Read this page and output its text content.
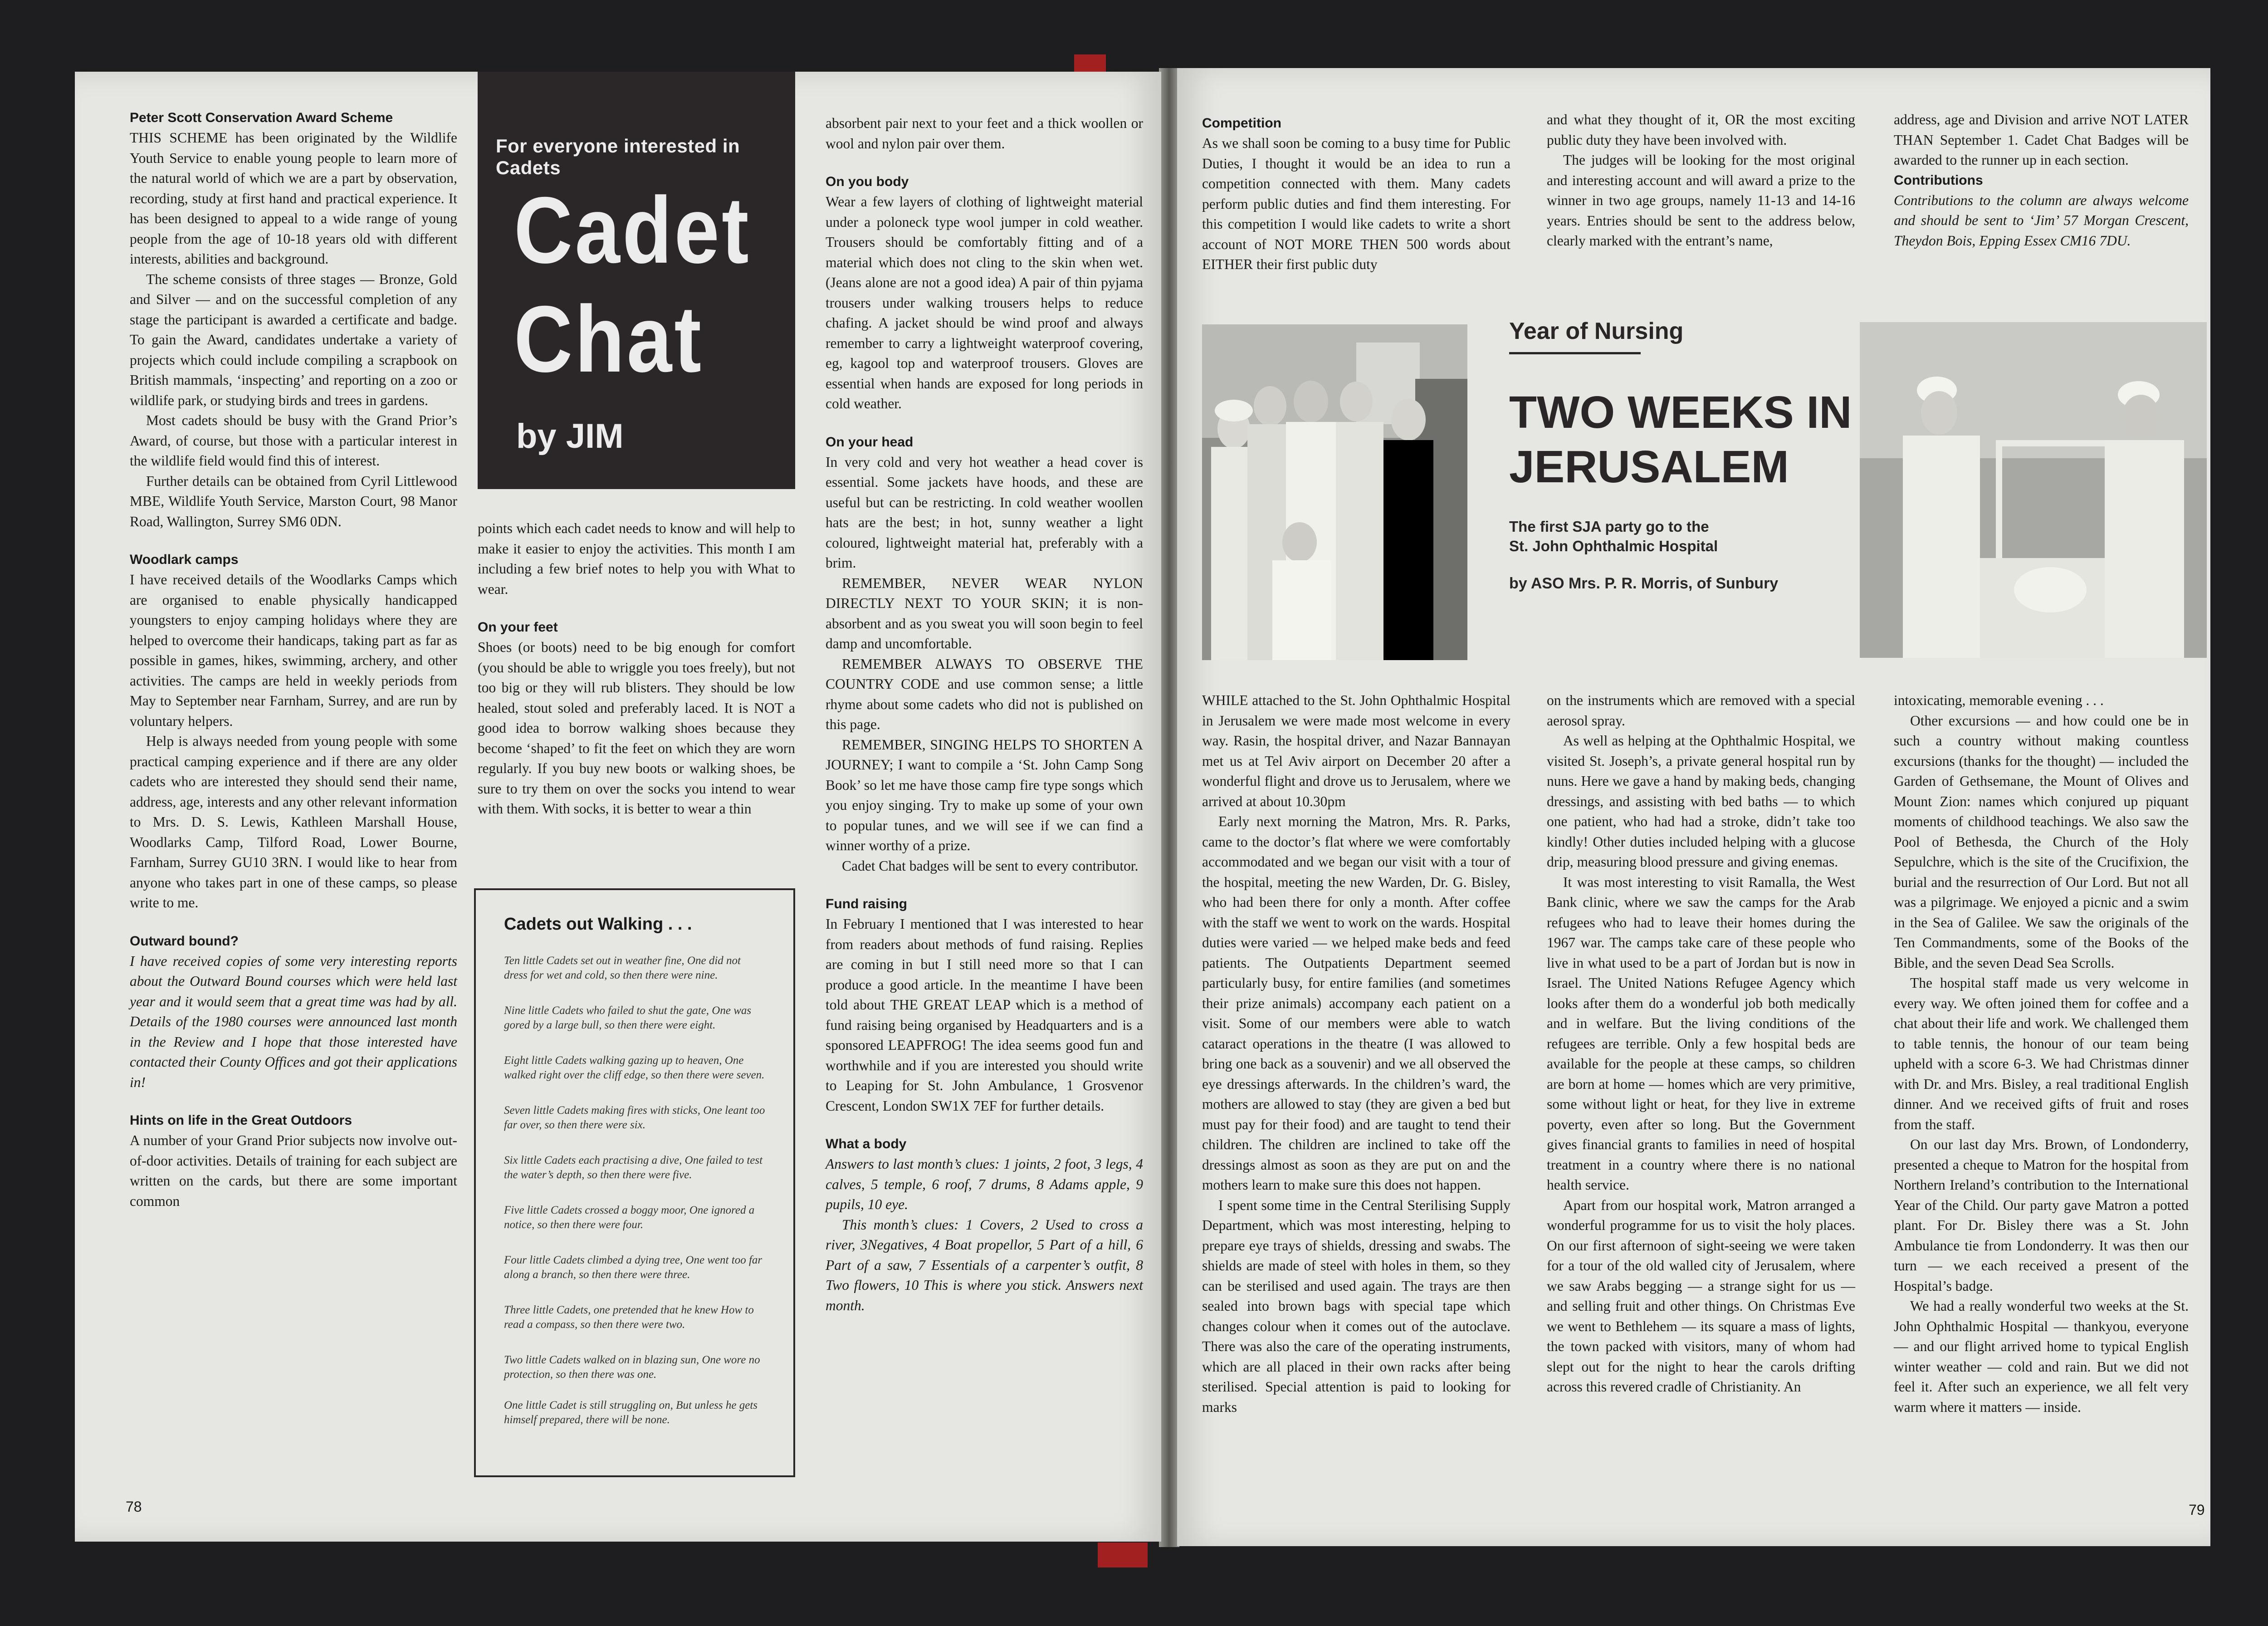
Peter Scott Conservation Award Scheme

THIS SCHEME has been originated by the Wildlife Youth Service to enable young people to learn more of the natural world of which we are a part by observation, recording, study at first hand and practical experience. It has been designed to appeal to a wide range of young people from the age of 10-18 years old with different interests, abilities and background.

The scheme consists of three stages — Bronze, Gold and Silver — and on the successful completion of any stage the participant is awarded a certificate and badge. To gain the Award, candidates undertake a variety of projects which could include compiling a scrapbook on British mammals, ‘inspecting’ and reporting on a zoo or wildlife park, or studying birds and trees in gardens.

Most cadets should be busy with the Grand Prior’s Award, of course, but those with a particular interest in the wildlife field would find this of interest.

Further details can be obtained from Cyril Littlewood MBE, Wildlife Youth Service, Marston Court, 98 Manor Road, Wallington, Surrey SM6 0DN.

Woodlark camps

I have received details of the Woodlarks Camps which are organised to enable physically handicapped youngsters to enjoy camping holidays where they are helped to overcome their handicaps, taking part as far as possible in games, hikes, swimming, archery, and other activities. The camps are held in weekly periods from May to September near Farnham, Surrey, and are run by voluntary helpers.

Help is always needed from young people with some practical camping experience and if there are any older cadets who are interested they should send their name, address, age, interests and any other relevant information to Mrs. D. S. Lewis, Kathleen Marshall House, Woodlarks Camp, Tilford Road, Lower Bourne, Farnham, Surrey GU10 3RN. I would like to hear from anyone who takes part in one of these camps, so please write to me.

Outward bound?

I have received copies of some very interesting reports about the Outward Bound courses which were held last year and it would seem that a great time was had by all. Details of the 1980 courses were announced last month in the Review and I hope that those interested have contacted their County Offices and got their applications in!

Hints on life in the Great Outdoors

A number of your Grand Prior subjects now involve out-of-door activities. Details of training for each subject are written on the cards, but there are some important common

For everyone interested in Cadets
Cadet
Chat
by JIM

points which each cadet needs to know and will help to make it easier to enjoy the activities. This month I am including a few brief notes to help you with What to wear.

On your feet

Shoes (or boots) need to be big enough for comfort (you should be able to wriggle you toes freely), but not too big or they will rub blisters. They should be low healed, stout soled and preferably laced. It is NOT a good idea to borrow walking shoes because they become ‘shaped’ to fit the feet on which they are worn regularly. If you buy new boots or walking shoes, be sure to try them on over the socks you intend to wear with them. With socks, it is better to wear a thin

Cadets out Walking . . .
Ten little Cadets set out in weather fine, One did not dress for wet and cold, so then there were nine.
Nine little Cadets who failed to shut the gate, One was gored by a large bull, so then there were eight.
Eight little Cadets walking gazing up to heaven, One walked right over the cliff edge, so then there were seven.
Seven little Cadets making fires with sticks, One leant too far over, so then there were six.
Six little Cadets each practising a dive, One failed to test the water’s depth, so then there were five.
Five little Cadets crossed a boggy moor, One ignored a notice, so then there were four.
Four little Cadets climbed a dying tree, One went too far along a branch, so then there were three.
Three little Cadets, one pretended that he knew How to read a compass, so then there were two.
Two little Cadets walked on in blazing sun, One wore no protection, so then there was one.
One little Cadet is still struggling on, But unless he gets himself prepared, there will be none.

absorbent pair next to your feet and a thick woollen or wool and nylon pair over them.

On you body

Wear a few layers of clothing of lightweight material under a poloneck type wool jumper in cold weather. Trousers should be comfortably fitting and of a material which does not cling to the skin when wet. (Jeans alone are not a good idea) A pair of thin pyjama trousers under walking trousers helps to reduce chafing. A jacket should be wind proof and always remember to carry a lightweight waterproof covering, eg, kagool top and waterproof trousers. Gloves are essential when hands are exposed for long periods in cold weather.

On your head

In very cold and very hot weather a head cover is essential. Some jackets have hoods, and these are useful but can be restricting. In cold weather woollen hats are the best; in hot, sunny weather a light coloured, lightweight material hat, preferably with a brim.

REMEMBER, NEVER WEAR NYLON DIRECTLY NEXT TO YOUR SKIN; it is non-absorbent and as you sweat you will soon begin to feel damp and uncomfortable.

REMEMBER ALWAYS TO OBSERVE THE COUNTRY CODE and use common sense; a little rhyme about some cadets who did not is published on this page.

REMEMBER, SINGING HELPS TO SHORTEN A JOURNEY; I want to compile a ‘St. John Camp Song Book’ so let me have those camp fire type songs which you enjoy singing. Try to make up some of your own to popular tunes, and we will see if we can find a winner worthy of a prize.

Cadet Chat badges will be sent to every contributor.

Fund raising

In February I mentioned that I was interested to hear from readers about methods of fund raising. Replies are coming in but I still need more so that I can produce a good article. In the meantime I have been told about THE GREAT LEAP which is a method of fund raising being organised by Headquarters and is a sponsored LEAPFROG! The idea seems good fun and worthwhile and if you are interested you should write to Leaping for St. John Ambulance, 1 Grosvenor Crescent, London SW1X 7EF for further details.

What a body

Answers to last month’s clues: 1 joints, 2 foot, 3 legs, 4 calves, 5 temple, 6 roof, 7 drums, 8 Adams apple, 9 pupils, 10 eye.

This month’s clues: 1 Covers, 2 Used to cross a river, 3Negatives, 4 Boat propellor, 5 Part of a hill, 6 Part of a saw, 7 Essentials of a carpenter’s outfit, 8 Two flowers, 10 This is where you stick. Answers next month.

78
Competition

As we shall soon be coming to a busy time for Public Duties, I thought it would be an idea to run a competition connected with them. Many cadets perform public duties and find them interesting. For this competition I would like cadets to write a short account of NOT MORE THEN 500 words about EITHER their first public duty

and what they thought of it, OR the most exciting public duty they have been involved with.

The judges will be looking for the most original and interesting account and will award a prize to the winner in two age groups, namely 11-13 and 14-16 years. Entries should be sent to the address below, clearly marked with the entrant’s name,

address, age and Division and arrive NOT LATER THAN September 1. Cadet Chat Badges will be awarded to the runner up in each section.

Contributions

Contributions to the column are always welcome and should be sent to ‘Jim’ 57 Morgan Crescent, Theydon Bois, Epping Essex CM16 7DU.

Year of Nursing
TWO WEEKS IN
JERUSALEM
The first SJA party go to the
St. John Ophthalmic Hospital
by ASO Mrs. P. R. Morris, of Sunbury

WHILE attached to the St. John Ophthalmic Hospital in Jerusalem we were made most welcome in every way. Rasin, the hospital driver, and Nazar Bannayan met us at Tel Aviv airport on December 20 after a wonderful flight and drove us to Jerusalem, where we arrived at about 10.30pm

Early next morning the Matron, Mrs. R. Parks, came to the doctor’s flat where we were comfortably accommodated and we began our visit with a tour of the hospital, meeting the new Warden, Dr. G. Bisley, who had been there for only a month. After coffee with the staff we went to work on the wards. Hospital duties were varied — we helped make beds and feed patients. The Outpatients Department seemed particularly busy, for entire families (and sometimes their prize animals) accompany each patient on a visit. Some of our members were able to watch cataract operations in the theatre (I was allowed to bring one back as a souvenir) and we all observed the eye dressings afterwards. In the children’s ward, the mothers are allowed to stay (they are given a bed but must pay for their food) and are taught to tend their children. The children are inclined to take off the dressings almost as soon as they are put on and the mothers learn to make sure this does not happen.

I spent some time in the Central Sterilising Supply Department, which was most interesting, helping to prepare eye trays of shields, dressing and swabs. The shields are made of steel with holes in them, so they can be sterilised and used again. The trays are then sealed into brown bags with special tape which changes colour when it comes out of the autoclave. There was also the care of the operating instruments, which are all placed in their own racks after being sterilised. Special attention is paid to looking for marks

on the instruments which are removed with a special aerosol spray.

As well as helping at the Ophthalmic Hospital, we visited St. Joseph’s, a private general hospital run by nuns. Here we gave a hand by making beds, changing dressings, and assisting with bed baths — to which one patient, who had had a stroke, didn’t take too kindly! Other duties included helping with a glucose drip, measuring blood pressure and giving enemas.

It was most interesting to visit Ramalla, the West Bank clinic, where we saw the camps for the Arab refugees who had to leave their homes during the 1967 war. The camps take care of these people who live in what used to be a part of Jordan but is now in Israel. The United Nations Refugee Agency which looks after them do a wonderful job both medically and in welfare. But the living conditions of the refugees are terrible. Only a few hospital beds are available for the people at these camps, so children are born at home — homes which are very primitive, some without light or heat, for they live in extreme poverty, even after so long. But the Government gives financial grants to families in need of hospital treatment in a country where there is no national health service.

Apart from our hospital work, Matron arranged a wonderful programme for us to visit the holy places. On our first afternoon of sight-seeing we were taken for a tour of the old walled city of Jerusalem, where we saw Arabs begging — a strange sight for us — and selling fruit and other things. On Christmas Eve we went to Bethlehem — its square a mass of lights, the town packed with visitors, many of whom had slept out for the night to hear the carols drifting across this revered cradle of Christianity. An

intoxicating, memorable evening . . .

Other excursions — and how could one be in such a country without making countless excursions (thanks for the thought) — included the Garden of Gethsemane, the Mount of Olives and Mount Zion: names which conjured up piquant moments of childhood teachings. We also saw the Pool of Bethesda, the Church of the Holy Sepulchre, which is the site of the Crucifixion, the burial and the resurrection of Our Lord. But not all was a pilgrimage. We enjoyed a picnic and a swim in the Sea of Galilee. We saw the originals of the Ten Commandments, some of the Books of the Bible, and the seven Dead Sea Scrolls.

The hospital staff made us very welcome in every way. We often joined them for coffee and a chat about their life and work. We challenged them to table tennis, the honour of our team being upheld with a score 6-3. We had Christmas dinner with Dr. and Mrs. Bisley, a real traditional English dinner. And we received gifts of fruit and roses from the staff.

On our last day Mrs. Brown, of Londonderry, presented a cheque to Matron for the hospital from Northern Ireland’s contribution to the International Year of the Child. Our party gave Matron a potted plant. For Dr. Bisley there was a St. John Ambulance tie from Londonderry. It was then our turn — we each received a present of the Hospital’s badge.

We had a really wonderful two weeks at the St. John Ophthalmic Hospital — thankyou, everyone — and our flight arrived home to typical English winter weather — cold and rain. But we did not feel it. After such an experience, we all felt very warm where it matters — inside.

79
